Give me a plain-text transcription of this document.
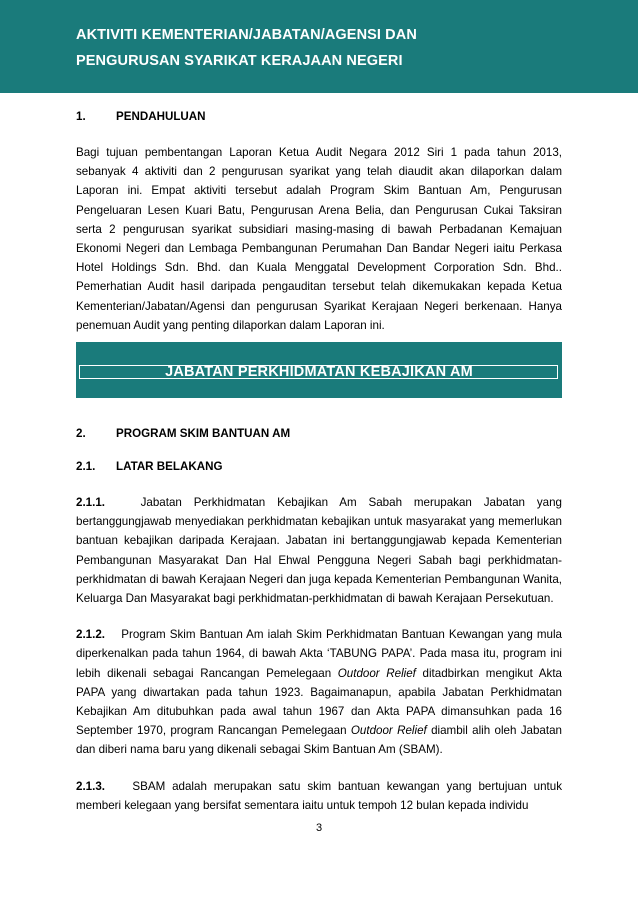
AKTIVITI KEMENTERIAN/JABATAN/AGENSI DAN
PENGURUSAN SYARIKAT KERAJAAN NEGERI
1.	PENDAHULUAN

Bagi tujuan pembentangan Laporan Ketua Audit Negara 2012 Siri 1 pada tahun 2013, sebanyak 4 aktiviti dan 2 pengurusan syarikat yang telah diaudit akan dilaporkan dalam Laporan ini. Empat aktiviti tersebut adalah Program Skim Bantuan Am, Pengurusan Pengeluaran Lesen Kuari Batu, Pengurusan Arena Belia, dan Pengurusan Cukai Taksiran serta 2 pengurusan syarikat subsidiari masing-masing di bawah Perbadanan Kemajuan Ekonomi Negeri dan Lembaga Pembangunan Perumahan Dan Bandar Negeri iaitu Perkasa Hotel Holdings Sdn. Bhd. dan Kuala Menggatal Development Corporation Sdn. Bhd.. Pemerhatian Audit hasil daripada pengauditan tersebut telah dikemukakan kepada Ketua Kementerian/Jabatan/Agensi dan pengurusan Syarikat Kerajaan Negeri berkenaan. Hanya penemuan Audit yang penting dilaporkan dalam Laporan ini.

JABATAN PERKHIDMATAN KEBAJIKAN AM
2.	PROGRAM SKIM BANTUAN AM
2.1.	LATAR BELAKANG

2.1.1.	Jabatan Perkhidmatan Kebajikan Am Sabah merupakan Jabatan yang bertanggungjawab menyediakan perkhidmatan kebajikan untuk masyarakat yang memerlukan bantuan kebajikan daripada Kerajaan. Jabatan ini bertanggungjawab kepada Kementerian Pembangunan Masyarakat Dan Hal Ehwal Pengguna Negeri Sabah bagi perkhidmatan-perkhidmatan di bawah Kerajaan Negeri dan juga kepada Kementerian Pembangunan Wanita, Keluarga Dan Masyarakat bagi perkhidmatan-perkhidmatan di bawah Kerajaan Persekutuan.

2.1.2. Program Skim Bantuan Am ialah Skim Perkhidmatan Bantuan Kewangan yang mula diperkenalkan pada tahun 1964, di bawah Akta ‘TABUNG PAPA’. Pada masa itu, program ini lebih dikenali sebagai Rancangan Pemelegaan Outdoor Relief ditadbirkan mengikut Akta PAPA yang diwartakan pada tahun 1923. Bagaimanapun, apabila Jabatan Perkhidmatan Kebajikan Am ditubuhkan pada awal tahun 1967 dan Akta PAPA dimansuhkan pada 16 September 1970, program Rancangan Pemelegaan Outdoor Relief diambil alih oleh Jabatan dan diberi nama baru yang dikenali sebagai Skim Bantuan Am (SBAM).

2.1.3. SBAM adalah merupakan satu skim bantuan kewangan yang bertujuan untuk memberi kelegaan yang bersifat sementara iaitu untuk tempoh 12 bulan kepada individu

3
